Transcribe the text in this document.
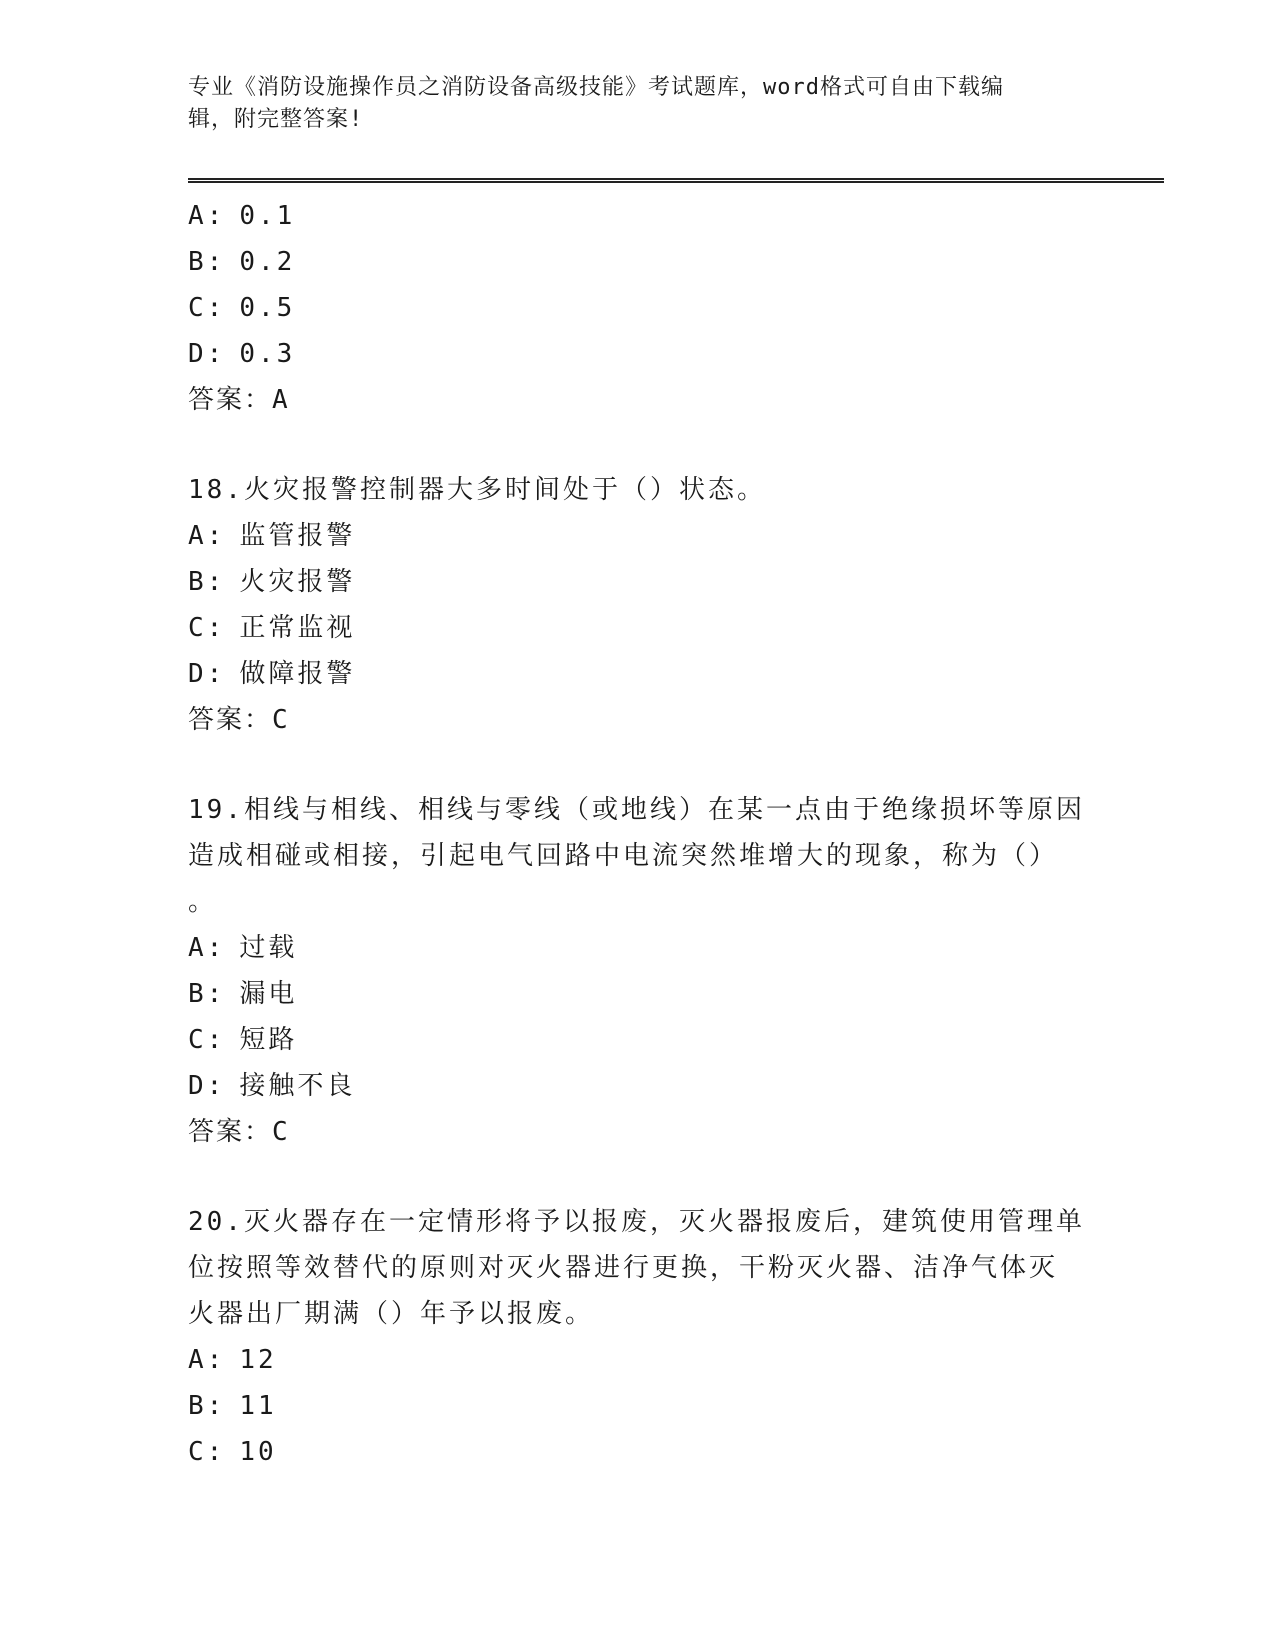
专业《消防设施操作员之消防设备高级技能》考试题库，word格式可自由下载编
辑，附完整答案!
A: 0.1
B: 0.2
C: 0.5
D: 0.3
答案：A
18.火灾报警控制器大多时间处于（）状态。
A: 监管报警
B: 火灾报警
C: 正常监视
D: 做障报警
答案：C
19.相线与相线、相线与零线（或地线）在某一点由于绝缘损坏等原因
造成相碰或相接，引起电气回路中电流突然堆增大的现象，称为（）
。
A: 过载
B: 漏电
C: 短路
D: 接触不良
答案：C
20.灭火器存在一定情形将予以报废，灭火器报废后，建筑使用管理单
位按照等效替代的原则对灭火器进行更换，干粉灭火器、洁净气体灭
火器出厂期满（）年予以报废。
A: 12
B: 11
C: 10
